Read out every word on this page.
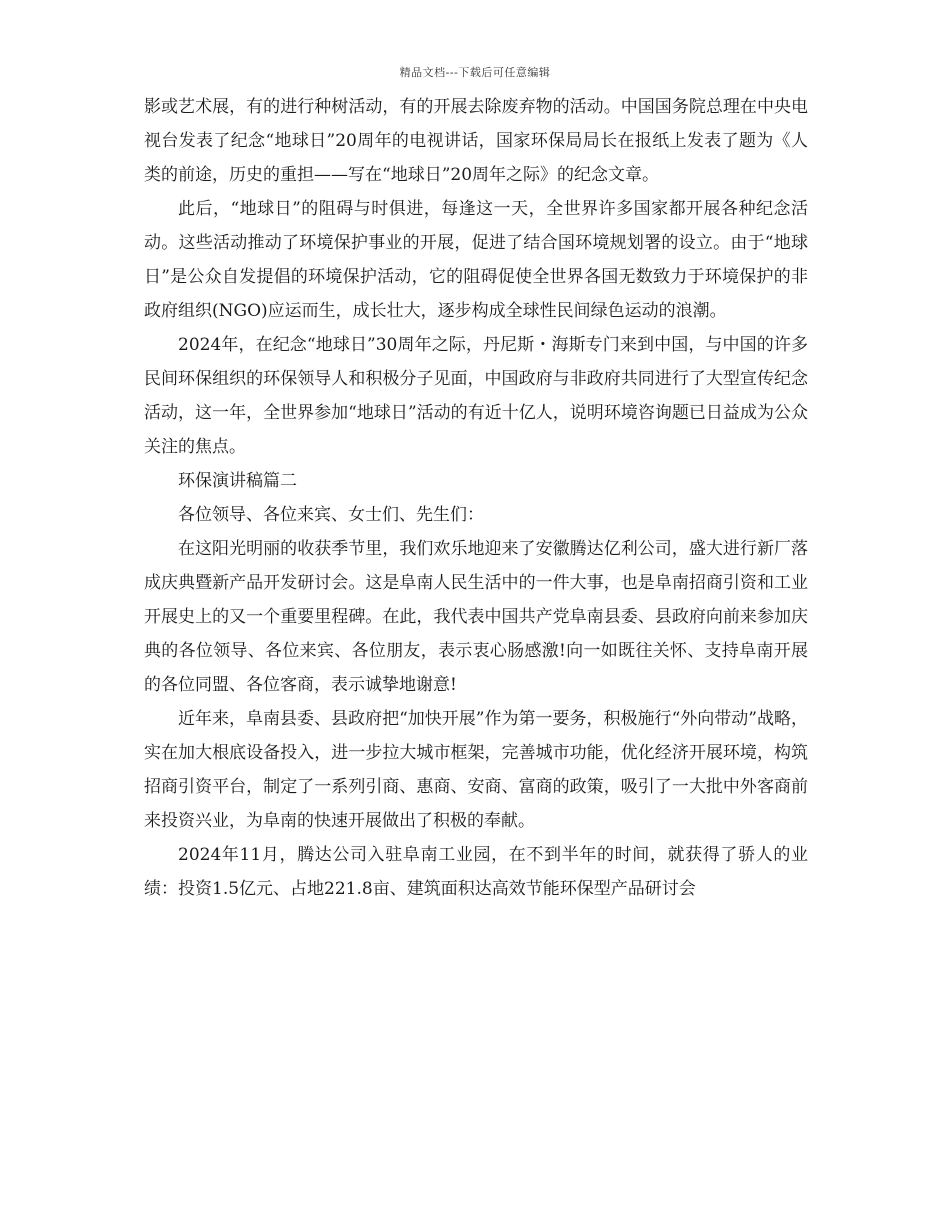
精品文档---下载后可任意编辑

影或艺术展，有的进行种树活动，有的开展去除废弃物的活动。中国国务院总理在中央电视台发表了纪念“地球日”20周年的电视讲话，国家环保局局长在报纸上发表了题为《人类的前途，历史的重担——写在“地球日”20周年之际》的纪念文章。

此后，“地球日”的阻碍与时俱进，每逢这一天，全世界许多国家都开展各种纪念活动。这些活动推动了环境保护事业的开展，促进了结合国环境规划署的设立。由于“地球日”是公众自发提倡的环境保护活动，它的阻碍促使全世界各国无数致力于环境保护的非政府组织(NGO)应运而生，成长壮大，逐步构成全球性民间绿色运动的浪潮。

2024年，在纪念“地球日”30周年之际，丹尼斯・海斯专门来到中国，与中国的许多民间环保组织的环保领导人和积极分子见面，中国政府与非政府共同进行了大型宣传纪念活动，这一年，全世界参加“地球日”活动的有近十亿人，说明环境咨询题已日益成为公众关注的焦点。

环保演讲稿篇二

各位领导、各位来宾、女士们、先生们：

在这阳光明丽的收获季节里，我们欢乐地迎来了安徽腾达亿利公司，盛大进行新厂落成庆典暨新产品开发研讨会。这是阜南人民生活中的一件大事，也是阜南招商引资和工业开展史上的又一个重要里程碑。在此，我代表中国共产党阜南县委、县政府向前来参加庆典的各位领导、各位来宾、各位朋友，表示衷心肠感激!向一如既往关怀、支持阜南开展的各位同盟、各位客商，表示诚挚地谢意!

近年来，阜南县委、县政府把“加快开展”作为第一要务，积极施行“外向带动”战略，实在加大根底设备投入，进一步拉大城市框架，完善城市功能，优化经济开展环境，构筑招商引资平台，制定了一系列引商、惠商、安商、富商的政策，吸引了一大批中外客商前来投资兴业，为阜南的快速开展做出了积极的奉献。

2024年11月，腾达公司入驻阜南工业园，在不到半年的时间，就获得了骄人的业绩：投资1.5亿元、占地221.8亩、建筑面积达高效节能环保型产品研讨会
